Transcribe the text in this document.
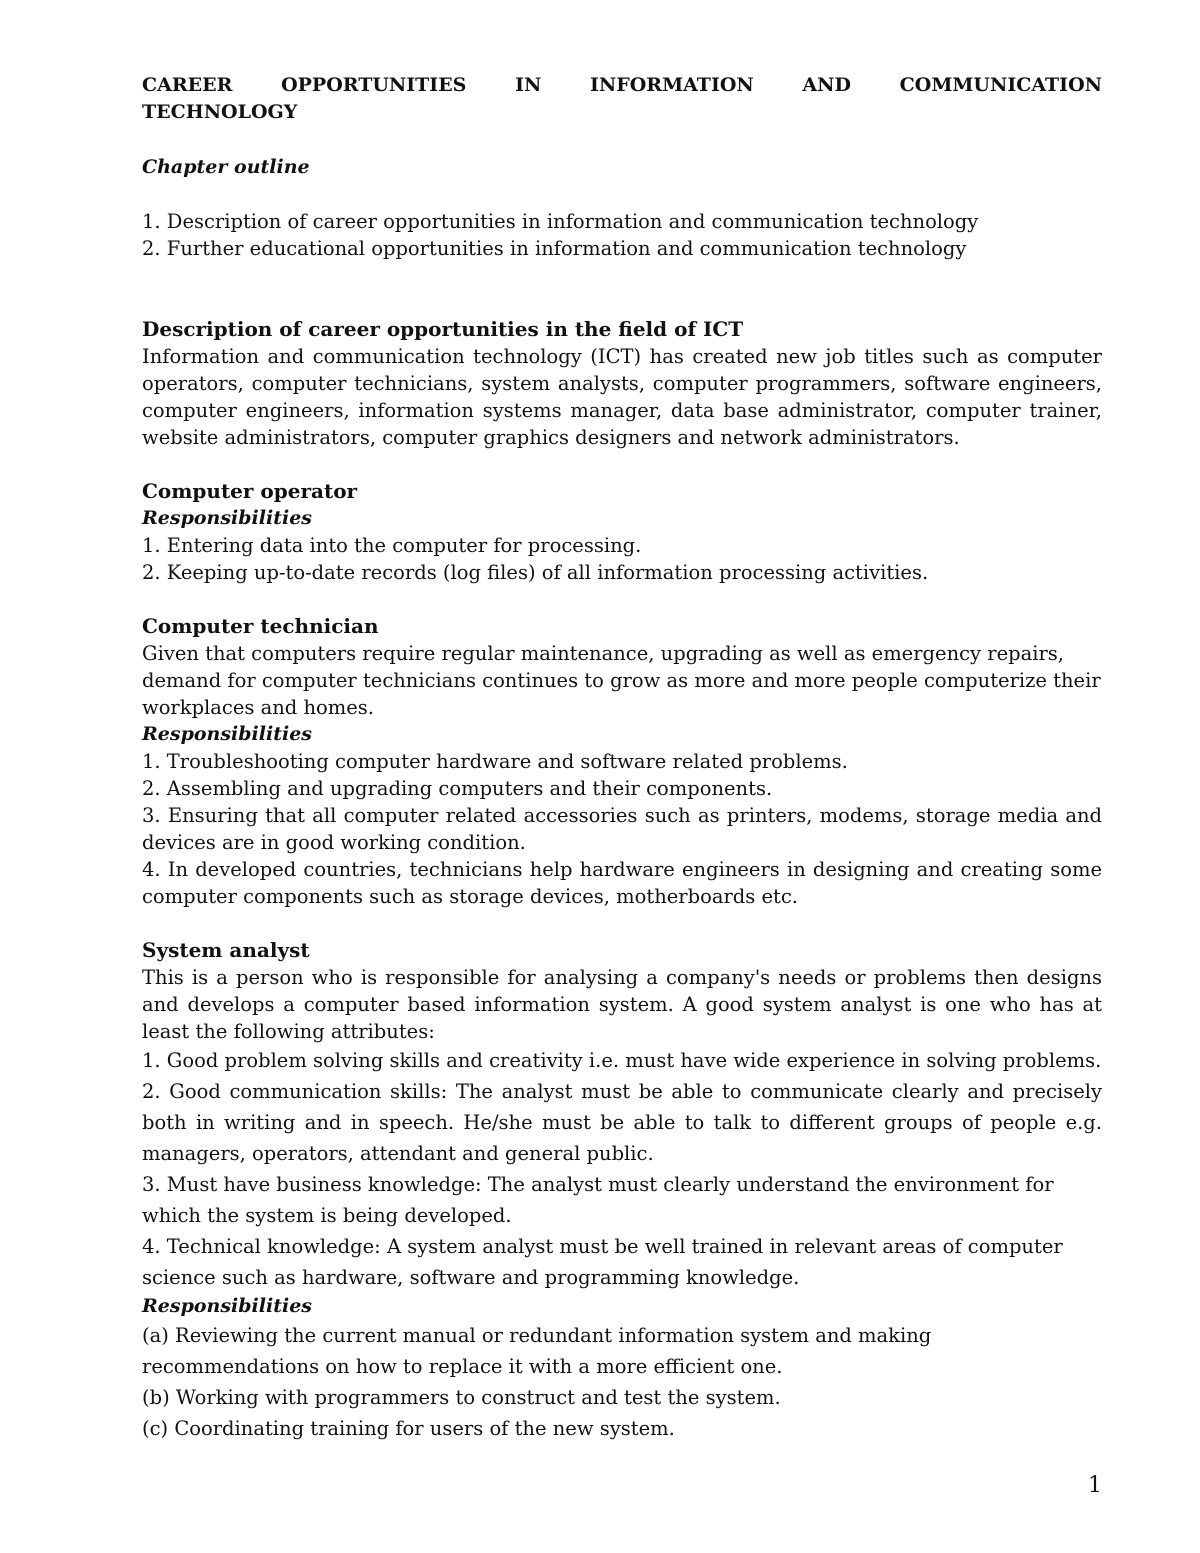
CAREER	OPPORTUNITIES	IN	INFORMATION	AND	COMMUNICATION
TECHNOLOGY
Chapter outline
1. Description of career opportunities in information and communication technology
2. Further educational opportunities in information and communication technology
Description of career opportunities in the field of ICT

Information and communication technology (ICT) has created new job titles such as computer operators, computer technicians, system analysts, computer programmers, software engineers, computer engineers, information systems manager, data base administrator, computer trainer, website administrators, computer graphics designers and network administrators.

Computer operator
Responsibilities
1. Entering data into the computer for processing.
2. Keeping up-to-date records (log files) of all information processing activities.
Computer technician

Given that computers require regular maintenance, upgrading as well as emergency repairs, demand for computer technicians continues to grow as more and more people computerize their workplaces and homes.

Responsibilities
1. Troubleshooting computer hardware and software related problems.
2. Assembling and upgrading computers and their components.

3. Ensuring that all computer related accessories such as printers, modems, storage media and devices are in good working condition.

4. In developed countries, technicians help hardware engineers in designing and creating some computer components such as storage devices, motherboards etc.

System analyst

This is a person who is responsible for analysing a company's needs or problems then designs and develops a computer based information system. A good system analyst is one who has at least the following attributes:

1. Good problem solving skills and creativity i.e. must have wide experience in solving problems.

2. Good communication skills: The analyst must be able to communicate clearly and precisely both in writing and in speech. He/she must be able to talk to different groups of people e.g. managers, operators, attendant and general public.

3. Must have business knowledge: The analyst must clearly understand the environment for which the system is being developed.

4. Technical knowledge: A system analyst must be well trained in relevant areas of computer science such as hardware, software and programming knowledge.

Responsibilities

(a) Reviewing the current manual or redundant information system and making recommendations on how to replace it with a more efficient one.

(b) Working with programmers to construct and test the system.
(c) Coordinating training for users of the new system.
1
